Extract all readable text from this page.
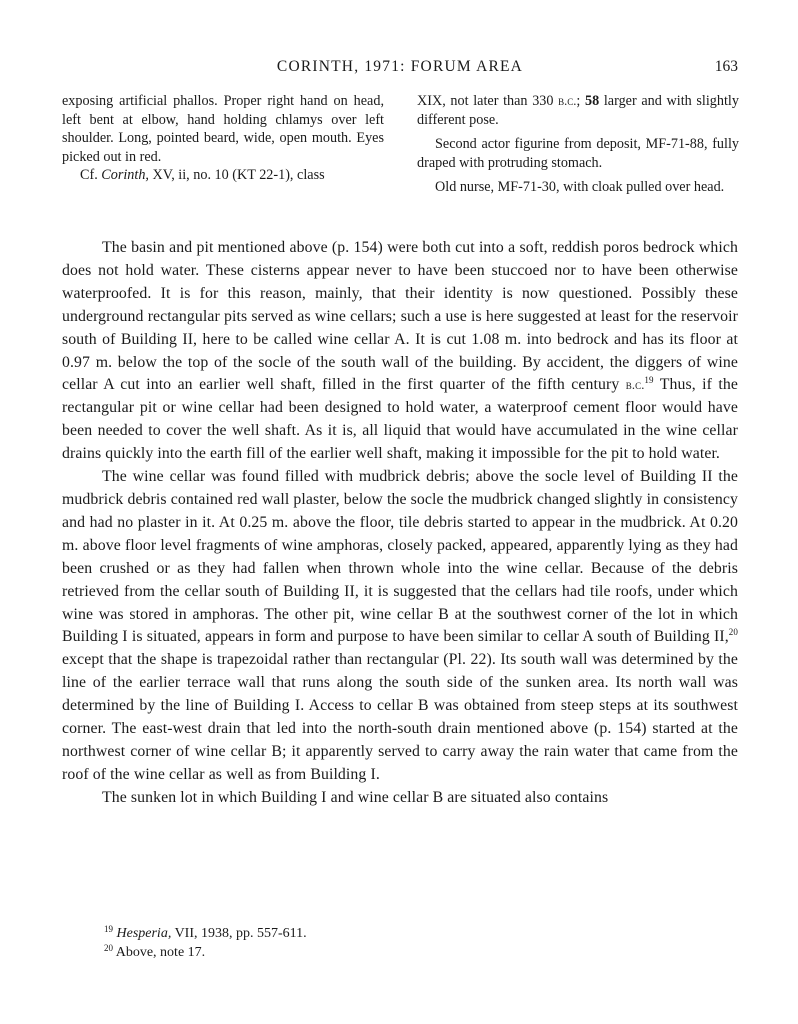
CORINTH, 1971: FORUM AREA	163

exposing artificial phallos. Proper right hand on head, left bent at elbow, hand holding chlamys over left shoulder. Long, pointed beard, wide, open mouth. Eyes picked out in red.

Cf. Corinth, XV, ii, no. 10 (KT 22-1), class

XIX, not later than 330 b.c.; 58 larger and with slightly different pose.

Second actor figurine from deposit, MF-71-88, fully draped with protruding stomach.

Old nurse, MF-71-30, with cloak pulled over head.

The basin and pit mentioned above (p. 154) were both cut into a soft, reddish poros bedrock which does not hold water. These cisterns appear never to have been stuccoed nor to have been otherwise waterproofed. It is for this reason, mainly, that their identity is now questioned. Possibly these underground rectangular pits served as wine cellars; such a use is here suggested at least for the reservoir south of Building II, here to be called wine cellar A. It is cut 1.08 m. into bedrock and has its floor at 0.97 m. below the top of the socle of the south wall of the building. By accident, the diggers of wine cellar A cut into an earlier well shaft, filled in the first quarter of the fifth century b.c.$^{19}$ Thus, if the rectangular pit or wine cellar had been designed to hold water, a waterproof cement floor would have been needed to cover the well shaft. As it is, all liquid that would have accumulated in the wine cellar drains quickly into the earth fill of the earlier well shaft, making it impossible for the pit to hold water.

The wine cellar was found filled with mudbrick debris; above the socle level of Building II the mudbrick debris contained red wall plaster, below the socle the mudbrick changed slightly in consistency and had no plaster in it. At 0.25 m. above the floor, tile debris started to appear in the mudbrick. At 0.20 m. above floor level fragments of wine amphoras, closely packed, appeared, apparently lying as they had been crushed or as they had fallen when thrown whole into the wine cellar. Because of the debris retrieved from the cellar south of Building II, it is suggested that the cellars had tile roofs, under which wine was stored in amphoras. The other pit, wine cellar B at the southwest corner of the lot in which Building I is situated, appears in form and purpose to have been similar to cellar A south of Building II,$^{20}$ except that the shape is trapezoidal rather than rectangular (Pl. 22). Its south wall was determined by the line of the earlier terrace wall that runs along the south side of the sunken area. Its north wall was determined by the line of Building I. Access to cellar B was obtained from steep steps at its southwest corner. The east-west drain that led into the north-south drain mentioned above (p. 154) started at the northwest corner of wine cellar B; it apparently served to carry away the rain water that came from the roof of the wine cellar as well as from Building I.

The sunken lot in which Building I and wine cellar B are situated also contains

$^{19}$ Hesperia, VII, 1938, pp. 557-611.

$^{20}$ Above, note 17.
